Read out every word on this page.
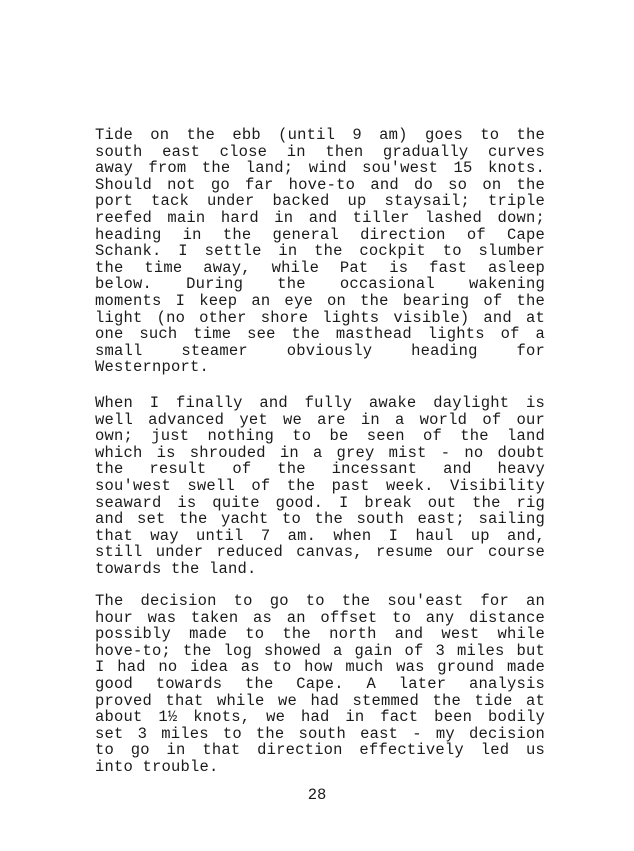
Tide on the ebb (until 9 am) goes to the
south east close in then gradually curves
away from the land; wind sou'west 15 knots.
Should not go far hove-to and do so on the
port tack under backed up staysail; triple
reefed main hard in and tiller lashed down;
heading in the general direction of Cape
Schank. I settle in the cockpit to slumber
the time away, while Pat is fast asleep
below. During the occasional wakening
moments I keep an eye on the bearing of the
light (no other shore lights visible) and at
one such time see the masthead lights of a
small steamer obviously heading for
Westernport.
When I finally and fully awake daylight is
well advanced yet we are in a world of our
own; just nothing to be seen of the land
which is shrouded in a grey mist - no doubt
the result of the incessant and heavy
sou'west swell of the past week. Visibility
seaward is quite good. I break out the rig
and set the yacht to the south east; sailing
that way until 7 am. when I haul up and,
still under reduced canvas, resume our course
towards the land.
The decision to go to the sou'east for an
hour was taken as an offset to any distance
possibly made to the north and west while
hove-to; the log showed a gain of 3 miles but
I had no idea as to how much was ground made
good towards the Cape. A later analysis
proved that while we had stemmed the tide at
about 1½ knots, we had in fact been bodily
set 3 miles to the south east - my decision
to go in that direction effectively led us
into trouble.
28
